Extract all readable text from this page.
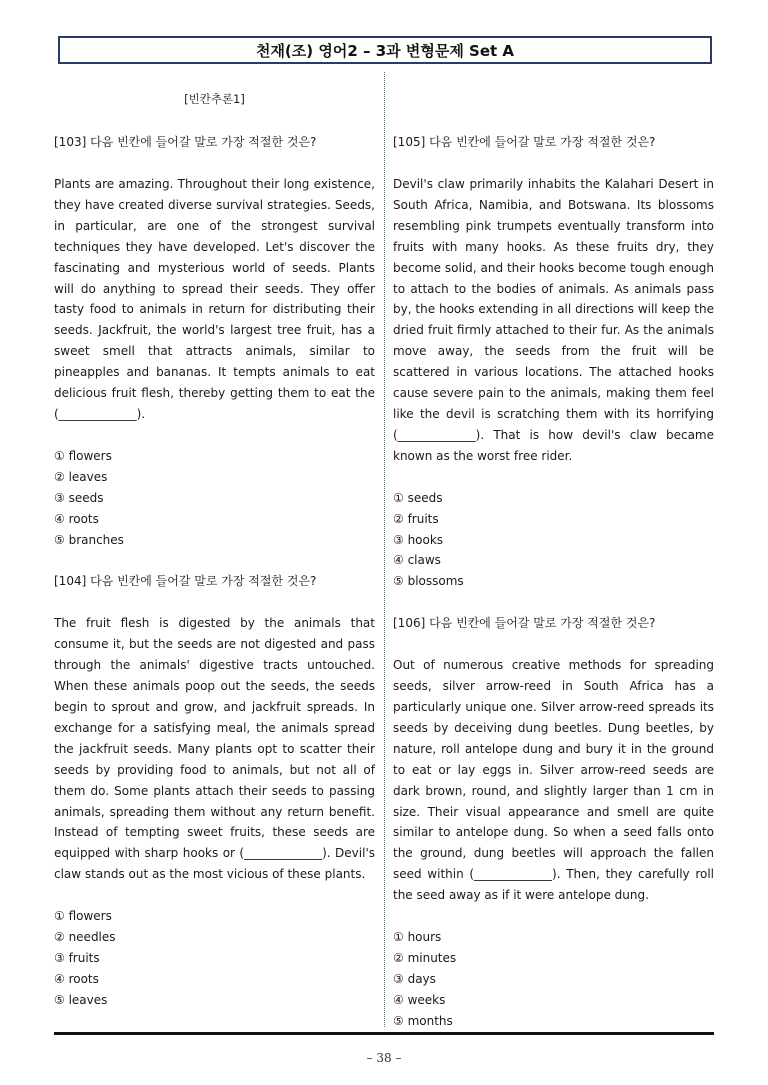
천재(조) 영어2 – 3과 변형문제 Set A

[빈칸추론1]

[103] 다음 빈칸에 들어갈 말로 가장 적절한 것은?

Plants are amazing. Throughout their long existence, they have created diverse survival strategies. Seeds, in particular, are one of the strongest survival techniques they have developed. Let's discover the fascinating and mysterious world of seeds. Plants will do anything to spread their seeds. They offer tasty food to animals in return for distributing their seeds. Jackfruit, the world's largest tree fruit, has a sweet smell that attracts animals, similar to pineapples and bananas. It tempts animals to eat delicious fruit flesh, thereby getting them to eat the (_____________).

① flowers
② leaves
③ seeds
④ roots
⑤ branches

[104] 다음 빈칸에 들어갈 말로 가장 적절한 것은?

The fruit flesh is digested by the animals that consume it, but the seeds are not digested and pass through the animals' digestive tracts untouched. When these animals poop out the seeds, the seeds begin to sprout and grow, and jackfruit spreads. In exchange for a satisfying meal, the animals spread the jackfruit seeds. Many plants opt to scatter their seeds by providing food to animals, but not all of them do. Some plants attach their seeds to passing animals, spreading them without any return benefit. Instead of tempting sweet fruits, these seeds are equipped with sharp hooks or (_____________). Devil's claw stands out as the most vicious of these plants.

① flowers
② needles
③ fruits
④ roots
⑤ leaves

[105] 다음 빈칸에 들어갈 말로 가장 적절한 것은?

Devil's claw primarily inhabits the Kalahari Desert in South Africa, Namibia, and Botswana. Its blossoms resembling pink trumpets eventually transform into fruits with many hooks. As these fruits dry, they become solid, and their hooks become tough enough to attach to the bodies of animals. As animals pass by, the hooks extending in all directions will keep the dried fruit firmly attached to their fur. As the animals move away, the seeds from the fruit will be scattered in various locations. The attached hooks cause severe pain to the animals, making them feel like the devil is scratching them with its horrifying (_____________). That is how devil's claw became known as the worst free rider.

① seeds
② fruits
③ hooks
④ claws
⑤ blossoms

[106] 다음 빈칸에 들어갈 말로 가장 적절한 것은?

Out of numerous creative methods for spreading seeds, silver arrow-reed in South Africa has a particularly unique one. Silver arrow-reed spreads its seeds by deceiving dung beetles. Dung beetles, by nature, roll antelope dung and bury it in the ground to eat or lay eggs in. Silver arrow-reed seeds are dark brown, round, and slightly larger than 1 cm in size. Their visual appearance and smell are quite similar to antelope dung. So when a seed falls onto the ground, dung beetles will approach the fallen seed within (_____________). Then, they carefully roll the seed away as if it were antelope dung.

① hours
② minutes
③ days
④ weeks
⑤ months
– 38 –
